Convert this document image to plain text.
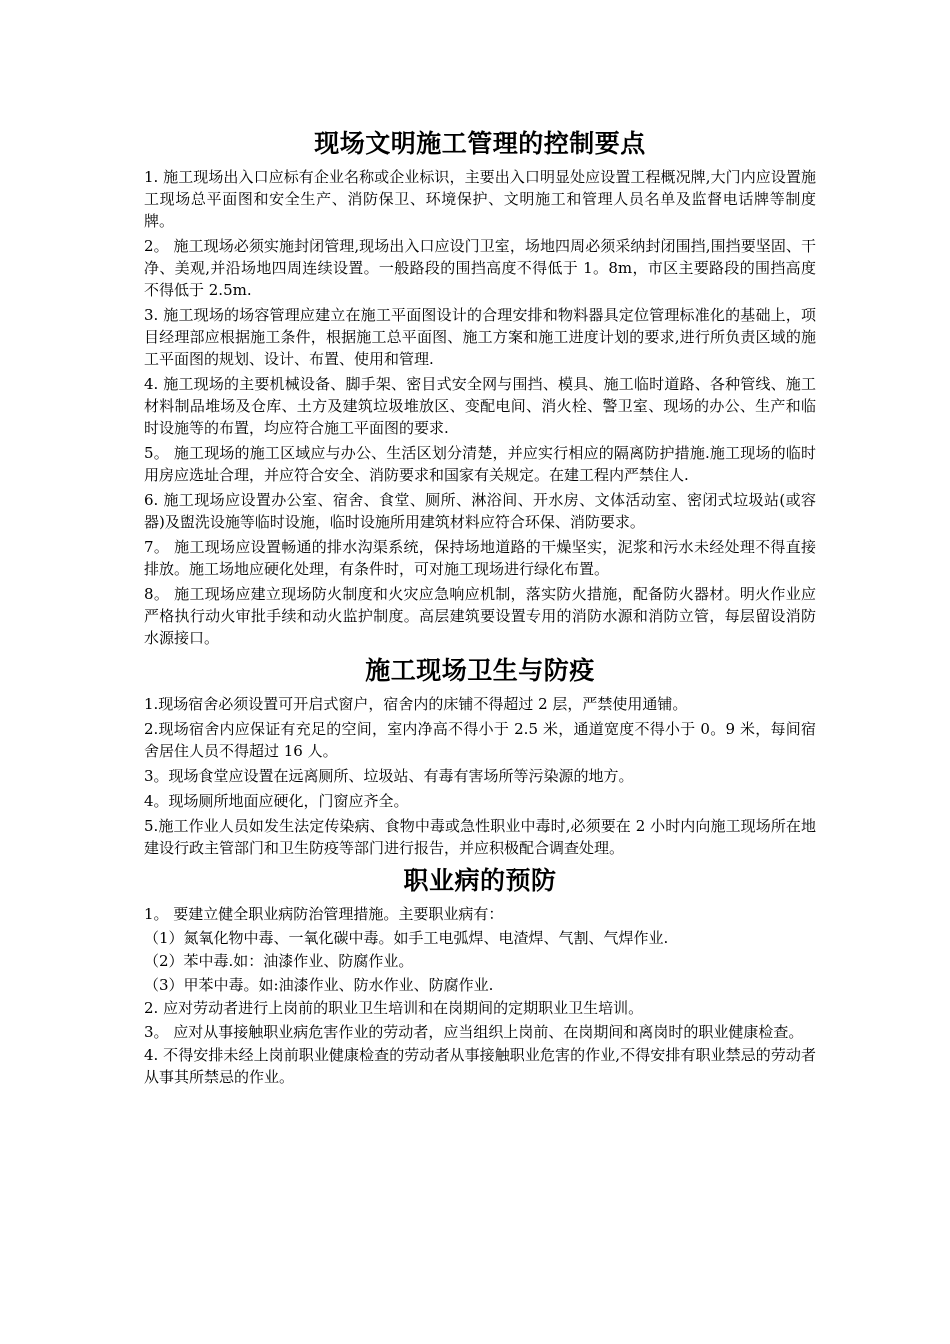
现场文明施工管理的控制要点

1. 施工现场出入口应标有企业名称或企业标识，主要出入口明显处应设置工程概况牌,大门内应设置施工现场总平面图和安全生产、消防保卫、环境保护、文明施工和管理人员名单及监督电话牌等制度牌。

2。 施工现场必须实施封闭管理,现场出入口应设门卫室，场地四周必须采纳封闭围挡,围挡要坚固、干净、美观,并沿场地四周连续设置。一般路段的围挡高度不得低于 1。8m，市区主要路段的围挡高度不得低于 2.5m.

3. 施工现场的场容管理应建立在施工平面图设计的合理安排和物料器具定位管理标准化的基础上，项目经理部应根据施工条件，根据施工总平面图、施工方案和施工进度计划的要求,进行所负责区域的施工平面图的规划、设计、布置、使用和管理.

4. 施工现场的主要机械设备、脚手架、密目式安全网与围挡、模具、施工临时道路、各种管线、施工材料制品堆场及仓库、土方及建筑垃圾堆放区、变配电间、消火栓、警卫室、现场的办公、生产和临时设施等的布置，均应符合施工平面图的要求.

5。 施工现场的施工区域应与办公、生活区划分清楚，并应实行相应的隔离防护措施.施工现场的临时用房应选址合理，并应符合安全、消防要求和国家有关规定。在建工程内严禁住人.

6. 施工现场应设置办公室、宿舍、食堂、厕所、淋浴间、开水房、文体活动室、密闭式垃圾站(或容器)及盥洗设施等临时设施，临时设施所用建筑材料应符合环保、消防要求。

7。 施工现场应设置畅通的排水沟渠系统，保持场地道路的干燥坚实，泥浆和污水未经处理不得直接排放。施工场地应硬化处理，有条件时，可对施工现场进行绿化布置。

8。 施工现场应建立现场防火制度和火灾应急响应机制，落实防火措施，配备防火器材。明火作业应严格执行动火审批手续和动火监护制度。高层建筑要设置专用的消防水源和消防立管，每层留设消防水源接口。

施工现场卫生与防疫

1.现场宿舍必须设置可开启式窗户，宿舍内的床铺不得超过 2 层，严禁使用通铺。

2.现场宿舍内应保证有充足的空间，室内净高不得小于 2.5 米，通道宽度不得小于 0。9 米，每间宿舍居住人员不得超过 16 人。

3。现场食堂应设置在远离厕所、垃圾站、有毒有害场所等污染源的地方。

4。现场厕所地面应硬化，门窗应齐全。

5.施工作业人员如发生法定传染病、食物中毒或急性职业中毒时,必须要在 2 小时内向施工现场所在地建设行政主管部门和卫生防疫等部门进行报告，并应积极配合调查处理。

职业病的预防

1。 要建立健全职业病防治管理措施。主要职业病有：

（1）氮氧化物中毒、一氧化碳中毒。如手工电弧焊、电渣焊、气割、气焊作业.

（2）苯中毒.如：油漆作业、防腐作业。

（3）甲苯中毒。如:油漆作业、防水作业、防腐作业.

2. 应对劳动者进行上岗前的职业卫生培训和在岗期间的定期职业卫生培训。

3。 应对从事接触职业病危害作业的劳动者，应当组织上岗前、在岗期间和离岗时的职业健康检查。

4. 不得安排未经上岗前职业健康检查的劳动者从事接触职业危害的作业,不得安排有职业禁忌的劳动者从事其所禁忌的作业。
